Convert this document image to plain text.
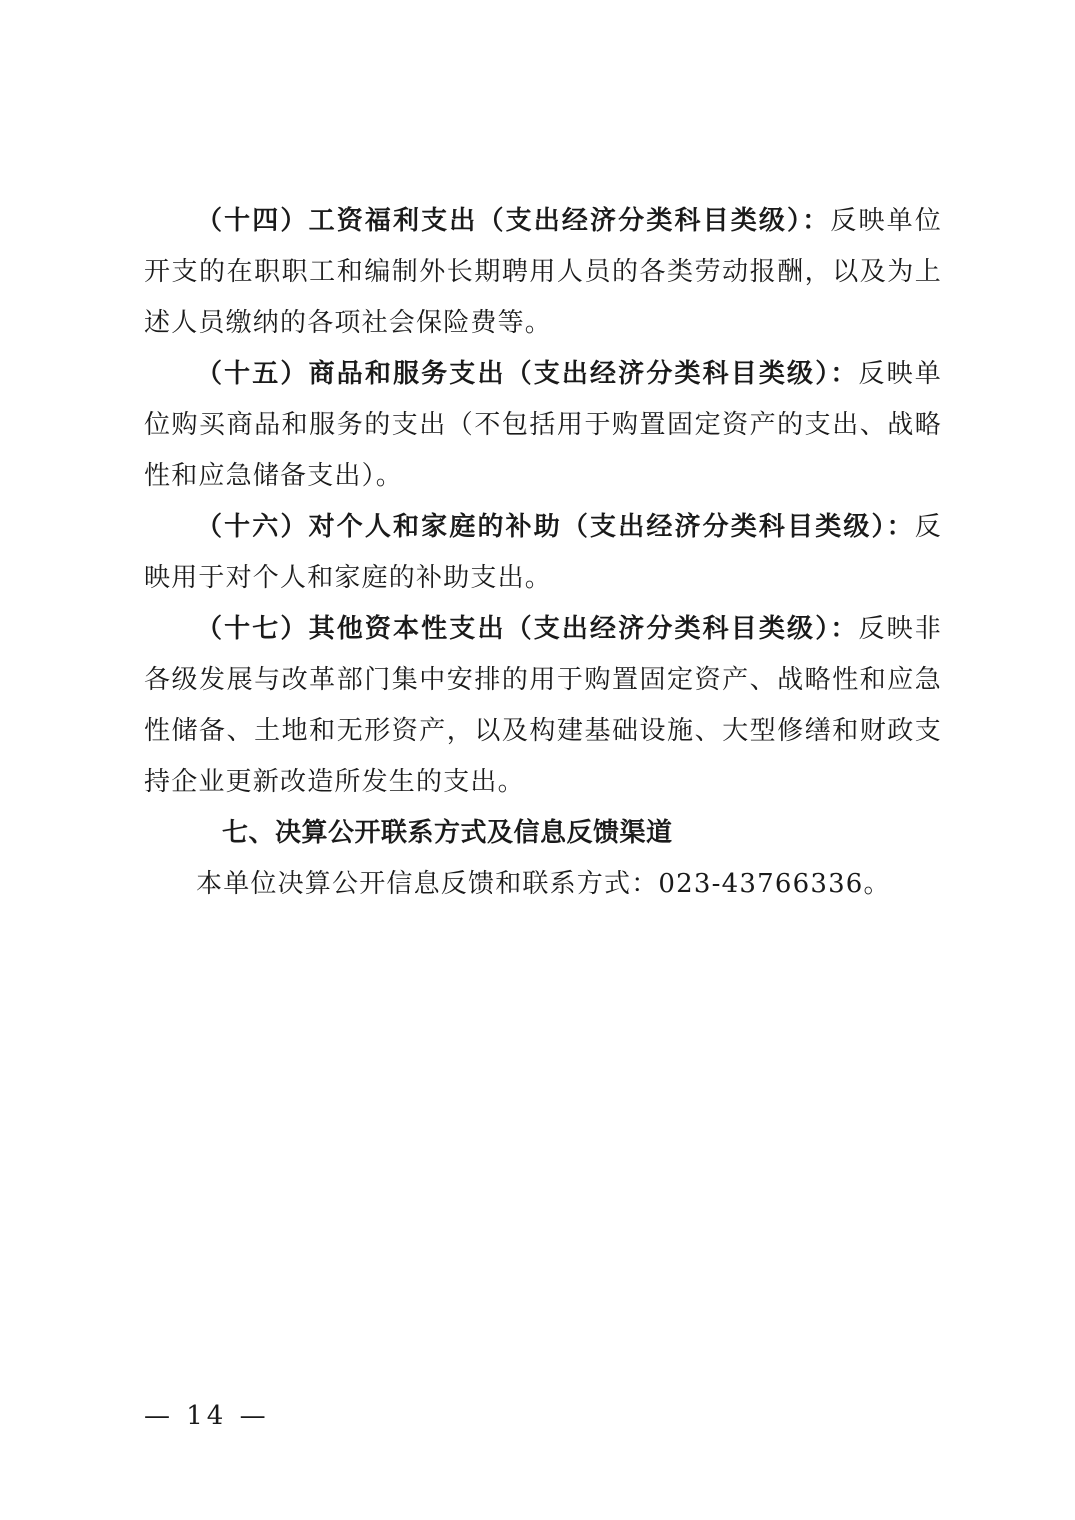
（十四）工资福利支出（支出经济分类科目类级）：反映单位开支的在职职工和编制外长期聘用人员的各类劳动报酬，以及为上述人员缴纳的各项社会保险费等。

（十五）商品和服务支出（支出经济分类科目类级）：反映单位购买商品和服务的支出（不包括用于购置固定资产的支出、战略性和应急储备支出）。

（十六）对个人和家庭的补助（支出经济分类科目类级）：反映用于对个人和家庭的补助支出。

（十七）其他资本性支出（支出经济分类科目类级）：反映非各级发展与改革部门集中安排的用于购置固定资产、战略性和应急性储备、土地和无形资产，以及构建基础设施、大型修缮和财政支持企业更新改造所发生的支出。

七、决算公开联系方式及信息反馈渠道

本单位决算公开信息反馈和联系方式：023-43766336。

— 14 —
